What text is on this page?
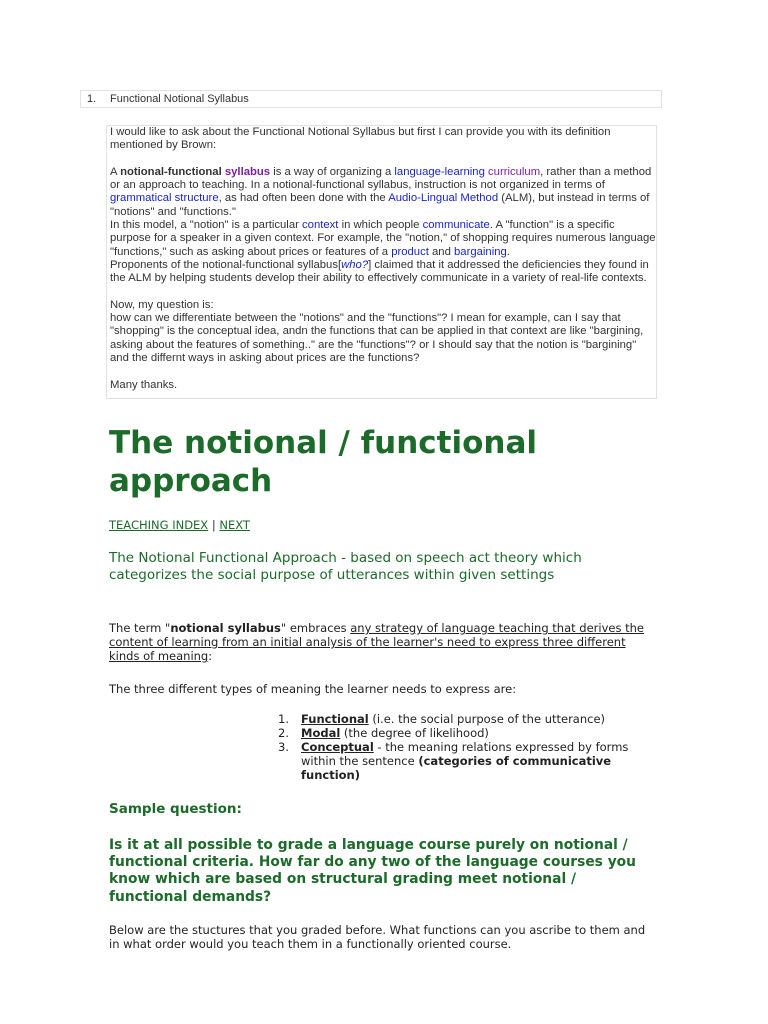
1. Functional Notional Syllabus

I would like to ask about the Functional Notional Syllabus but first I can provide you with its definition mentioned by Brown:

A notional-functional syllabus is a way of organizing a language-learning curriculum, rather than a method or an approach to teaching. In a notional-functional syllabus, instruction is not organized in terms of grammatical structure, as had often been done with the Audio-Lingual Method (ALM), but instead in terms of "notions" and "functions."

In this model, a "notion" is a particular context in which people communicate. A "function" is a specific purpose for a speaker in a given context. For example, the "notion," of shopping requires numerous language "functions," such as asking about prices or features of a product and bargaining.

Proponents of the notional-functional syllabus[who?] claimed that it addressed the deficiencies they found in the ALM by helping students develop their ability to effectively communicate in a variety of real-life contexts.

Now, my question is:

how can we differentiate between the "notions" and the "functions"? I mean for example, can I say that "shopping" is the conceptual idea, andn the functions that can be applied in that context are like "bargining, asking about the features of something.." are the "functions"? or I should say that the notion is "bargining" and the differnt ways in asking about prices are the functions?

Many thanks.

The notional / functional approach
TEACHING INDEX | NEXT
The Notional Functional Approach - based on speech act theory which categorizes the social purpose of utterances within given settings

The term "notional syllabus" embraces any strategy of language teaching that derives the content of learning from an initial analysis of the learner's need to express three different kinds of meaning:

The three different types of meaning the learner needs to express are:

1. Functional (i.e. the social purpose of the utterance)
2. Modal (the degree of likelihood)
3. Conceptual - the meaning relations expressed by forms within the sentence (categories of communicative function)
Sample question:
Is it at all possible to grade a language course purely on notional / functional criteria. How far do any two of the language courses you know which are based on structural grading meet notional / functional demands?

Below are the stuctures that you graded before. What functions can you ascribe to them and in what order would you teach them in a functionally oriented course.
